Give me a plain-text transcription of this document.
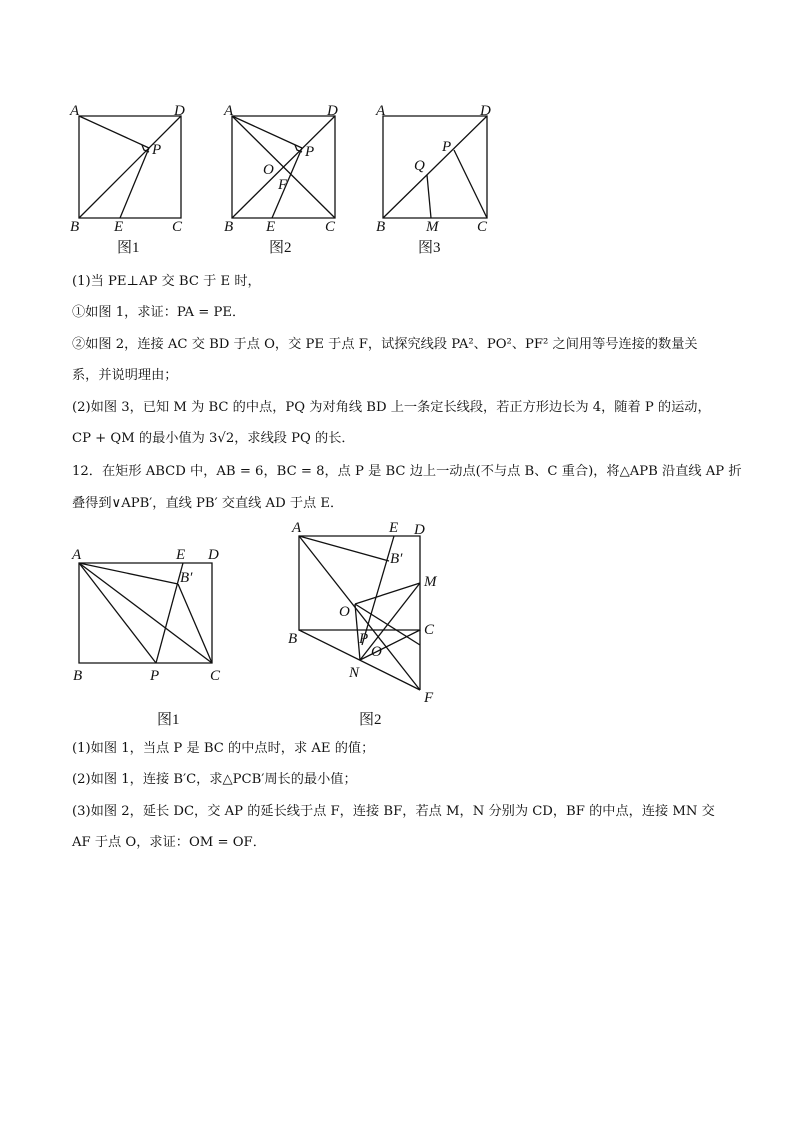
A	D
B	C
E
P
图1
A	D
B	C
E
P
O
F
图2
A	D
B	C
M
P
Q
图3
(1)当 PE⊥AP 交 BC 于 E 时，
①如图 1，求证：PA = PE．
②如图 2，连接 AC 交 BD 于点 O，交 PE 于点 F，试探究线段 PA²、PO²、PF² 之间用等号连接的数量关
系，并说明理由；
(2)如图 3，已知 M 为 BC 的中点，PQ 为对角线 BD 上一条定长线段，若正方形边长为 4，随着 P 的运动，
CP + QM 的最小值为 3√2，求线段 PQ 的长．
12．在矩形 ABCD 中，AB = 6，BC = 8，点 P 是 BC 边上一动点(不与点 B、C 重合)，将△APB 沿直线 AP 折
叠得到∨APB′，直线 PB′ 交直线 AD 于点 E．
A	E D
B′
B	P	C
图1
A	E D
B′
M
O
C
B	P
O
N
F
图2
(1)如图 1，当点 P 是 BC 的中点时，求 AE 的值；
(2)如图 1，连接 B′C，求△PCB′周长的最小值；
(3)如图 2，延长 DC，交 AP 的延长线于点 F，连接 BF，若点 M，N 分别为 CD，BF 的中点，连接 MN 交
AF 于点 O，求证：OM = OF．
